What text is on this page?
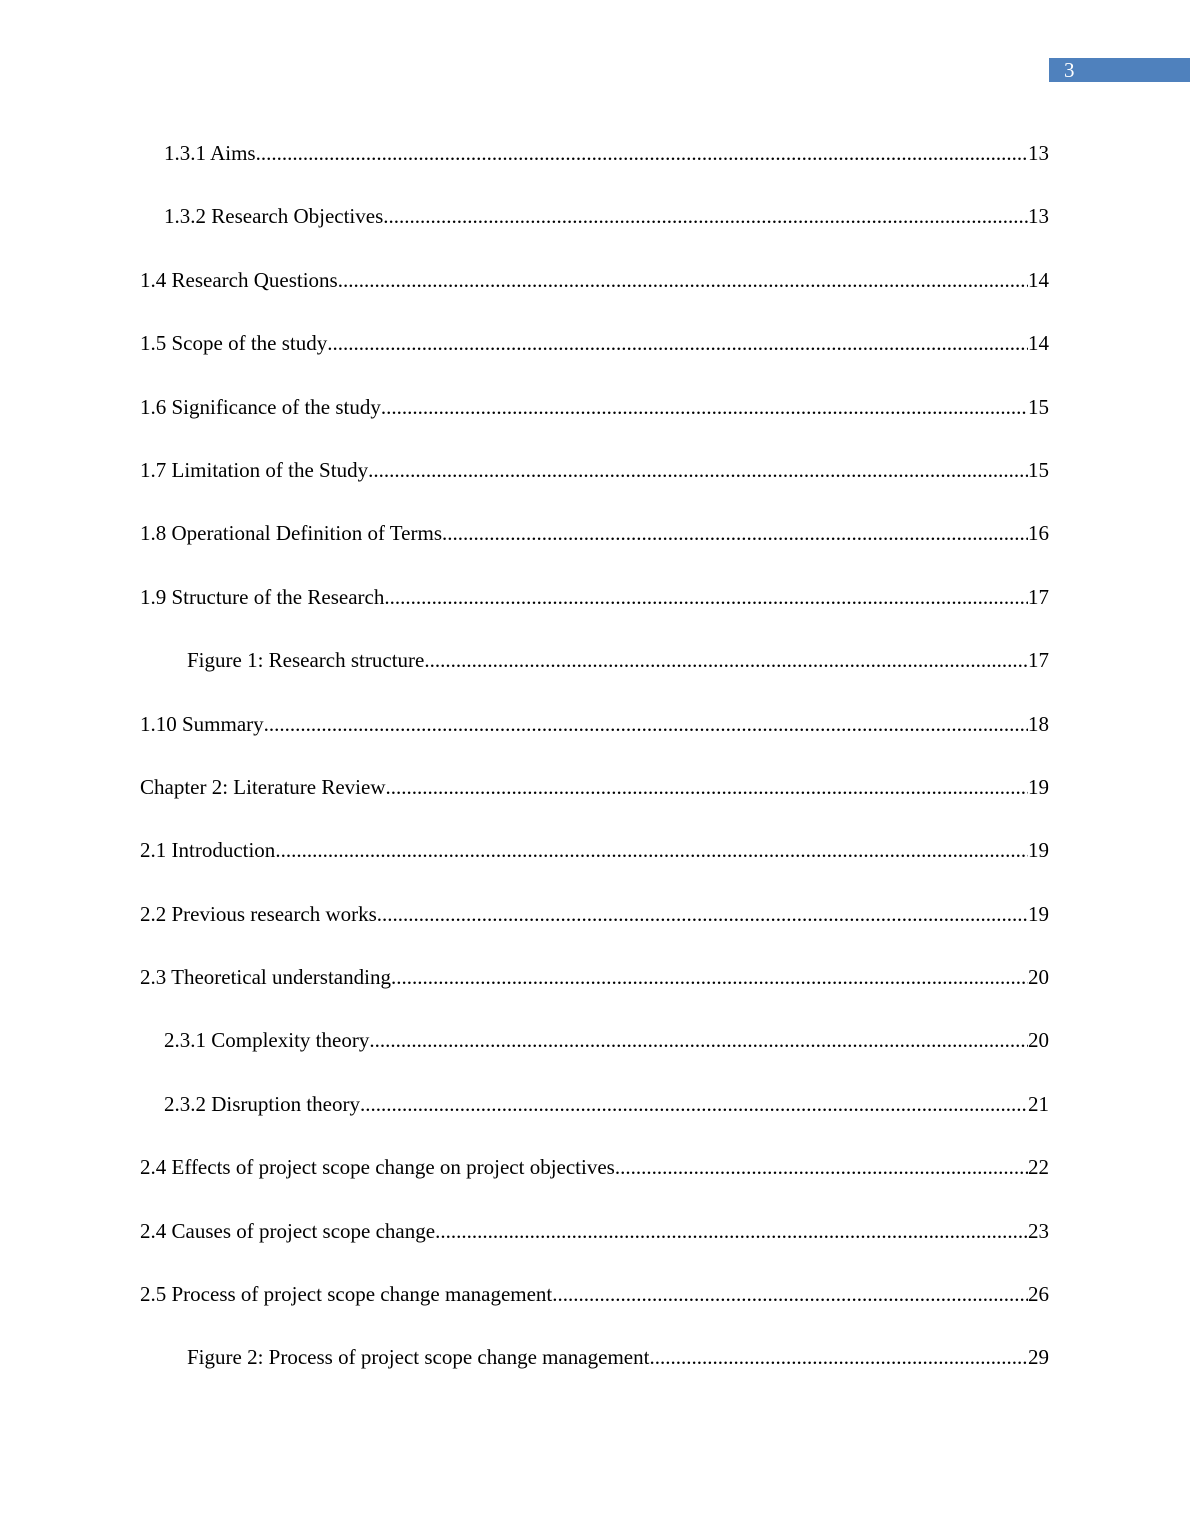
3
1.3.1 Aims .....	13
1.3.2 Research Objectives .....	13
1.4 Research Questions .....	14
1.5 Scope of the study .....	14
1.6 Significance of the study .....	15
1.7 Limitation of the Study .....	15
1.8 Operational Definition of Terms .....	16
1.9 Structure of the Research .....	17
Figure 1: Research structure .....	17
1.10 Summary .....	18
Chapter 2: Literature Review .....	19
2.1 Introduction .....	19
2.2 Previous research works .....	19
2.3 Theoretical understanding .....	20
2.3.1 Complexity theory .....	20
2.3.2 Disruption theory .....	21
2.4 Effects of project scope change on project objectives .....	22
2.4 Causes of project scope change .....	23
2.5 Process of project scope change management .....	26
Figure 2: Process of project scope change management .....	29
